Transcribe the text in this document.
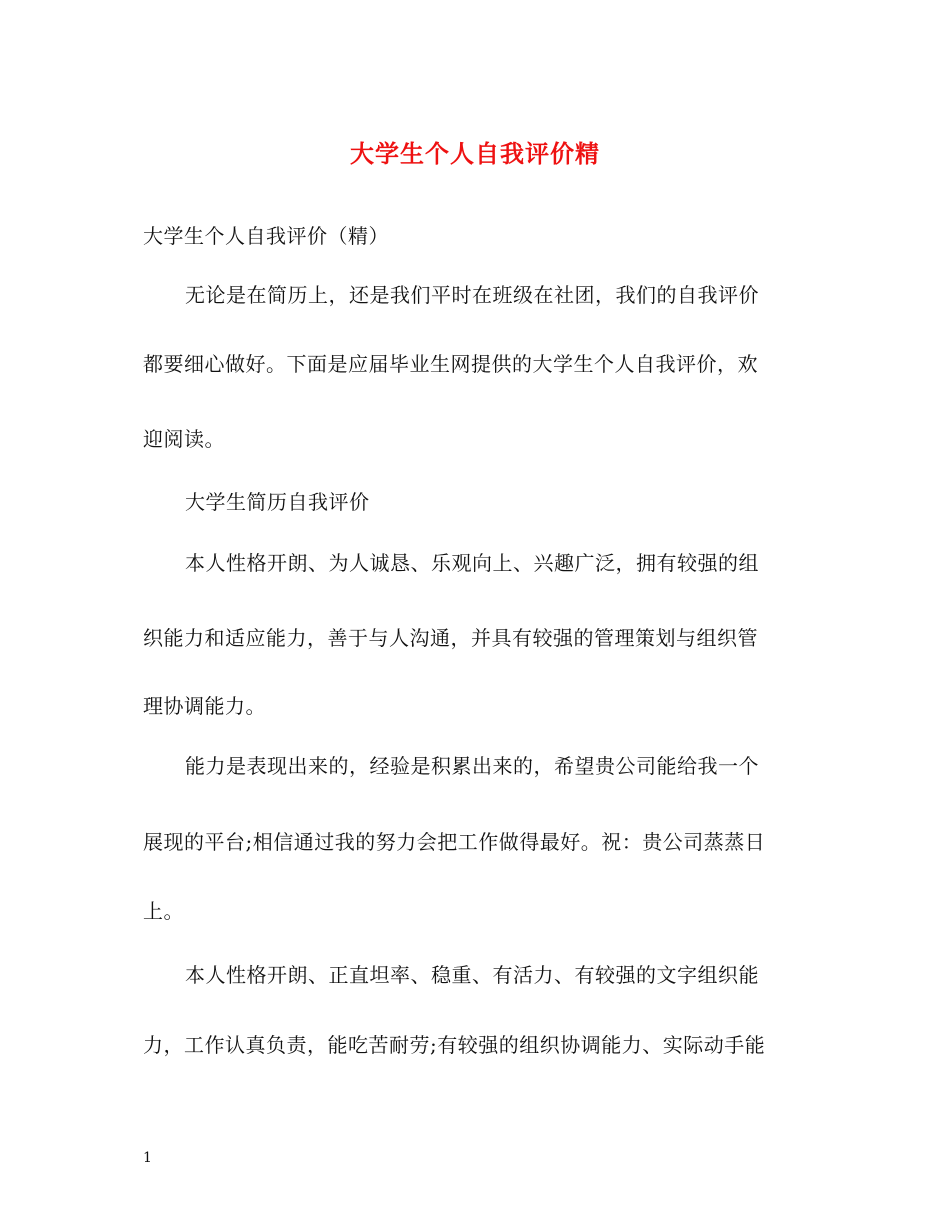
大学生个人自我评价精
大学生个人自我评价（精）
无论是在简历上，还是我们平时在班级在社团，我们的自我评价
都要细心做好。下面是应届毕业生网提供的大学生个人自我评价，欢
迎阅读。
大学生简历自我评价
本人性格开朗、为人诚恳、乐观向上、兴趣广泛，拥有较强的组
织能力和适应能力，善于与人沟通，并具有较强的管理策划与组织管
理协调能力。
能力是表现出来的，经验是积累出来的，希望贵公司能给我一个
展现的平台;相信通过我的努力会把工作做得最好。祝：贵公司蒸蒸日
上。
本人性格开朗、正直坦率、稳重、有活力、有较强的文字组织能
力，工作认真负责，能吃苦耐劳;有较强的组织协调能力、实际动手能
1
